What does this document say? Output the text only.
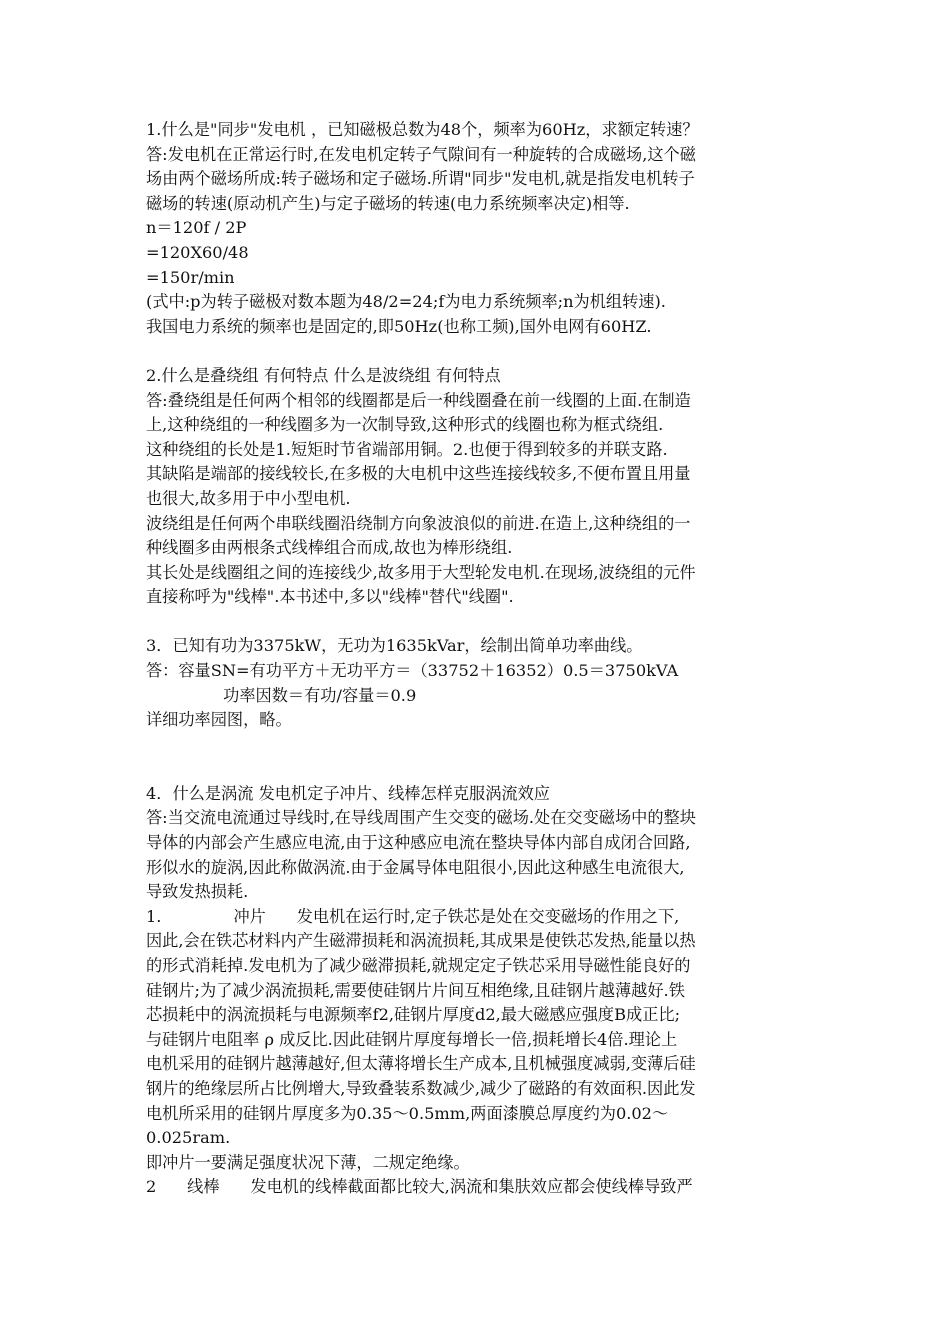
1.什么是"同步"发电机 ，已知磁极总数为48个，频率为60Hz，求额定转速？
答:发电机在正常运行时,在发电机定转子气隙间有一种旋转的合成磁场,这个磁
场由两个磁场所成:转子磁场和定子磁场.所谓"同步"发电机,就是指发电机转子
磁场的转速(原动机产生)与定子磁场的转速(电力系统频率决定)相等.
n＝120f / 2P
=120X60/48
=150r/min
(式中:p为转子磁极对数本题为48/2=24;f为电力系统频率;n为机组转速).
我国电力系统的频率也是固定的,即50Hz(也称工频),国外电网有60HZ.
2.什么是叠绕组 有何特点 什么是波绕组 有何特点
答:叠绕组是任何两个相邻的线圈都是后一种线圈叠在前一线圈的上面.在制造
上,这种绕组的一种线圈多为一次制导致,这种形式的线圈也称为框式绕组.
这种绕组的长处是1.短矩时节省端部用铜。2.也便于得到较多的并联支路.
其缺陷是端部的接线较长,在多极的大电机中这些连接线较多,不便布置且用量
也很大,故多用于中小型电机.
波绕组是任何两个串联线圈沿绕制方向象波浪似的前进.在造上,这种绕组的一
种线圈多由两根条式线棒组合而成,故也为棒形绕组.
其长处是线圈组之间的连接线少,故多用于大型轮发电机.在现场,波绕组的元件
直接称呼为"线棒".本书述中,多以"线棒"替代"线圈".
3．已知有功为3375kW，无功为1635kVar，绘制出简单功率曲线。
答：容量SN=有功平方＋无功平方＝（33752＋16352）0.5＝3750kVA
功率因数＝有功/容量＝0.9
详细功率园图，略。
4．什么是涡流 发电机定子冲片、线棒怎样克服涡流效应
答:当交流电流通过导线时,在导线周围产生交变的磁场.处在交变磁场中的整块
导体的内部会产生感应电流,由于这种感应电流在整块导体内部自成闭合回路,
形似水的旋涡,因此称做涡流.由于金属导体电阻很小,因此这种感生电流很大,
导致发热损耗.
1.              冲片      发电机在运行时,定子铁芯是处在交变磁场的作用之下,
因此,会在铁芯材料内产生磁滞损耗和涡流损耗,其成果是使铁芯发热,能量以热
的形式消耗掉.发电机为了减少磁滞损耗,就规定定子铁芯采用导磁性能良好的
硅钢片;为了减少涡流损耗,需要使硅钢片片间互相绝缘,且硅钢片越薄越好.铁
芯损耗中的涡流损耗与电源频率f2,硅钢片厚度d2,最大磁感应强度B成正比;
与硅钢片电阻率 ρ 成反比.因此硅钢片厚度每增长一倍,损耗增长4倍.理论上
电机采用的硅钢片越薄越好,但太薄将增长生产成本,且机械强度减弱,变薄后硅
钢片的绝缘层所占比例增大,导致叠装系数减少,减少了磁路的有效面积.因此发
电机所采用的硅钢片厚度多为0.35～0.5mm,两面漆膜总厚度约为0.02～
0.025ram.
即冲片一要满足强度状况下薄，二规定绝缘。
2      线棒      发电机的线棒截面都比较大,涡流和集肤效应都会使线棒导致严
